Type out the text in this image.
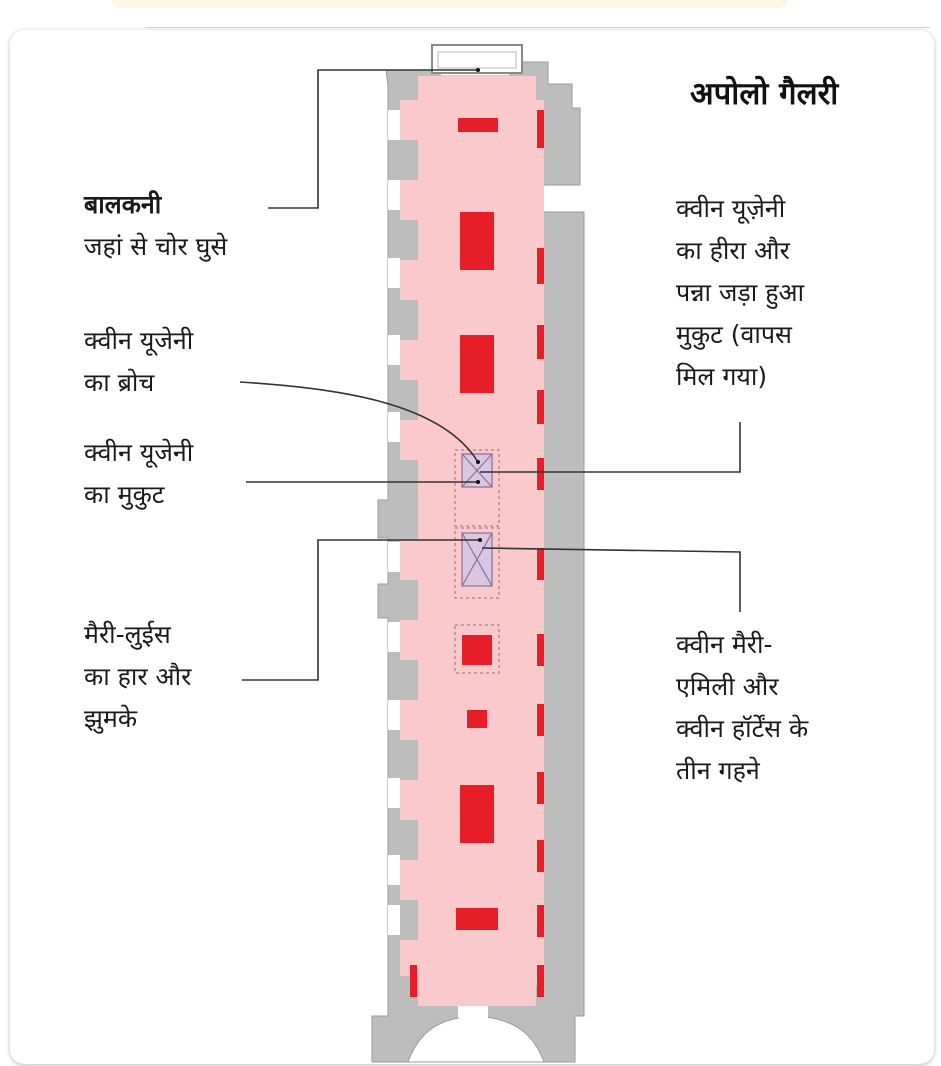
अपोलो गैलरी
बालकनी
जहां से चोर घुसे
क्वीन यूजेनी
का ब्रोच
क्वीन यूजेनी
का मुकुट
मैरी-लुईस
का हार और
झुमके
क्वीन यूज़ेनी
का हीरा और
पन्ना जड़ा हुआ
मुकुट (वापस
मिल गया)
क्वीन मैरी-
एमिली और
क्वीन हॉर्टेंस के
तीन गहने
